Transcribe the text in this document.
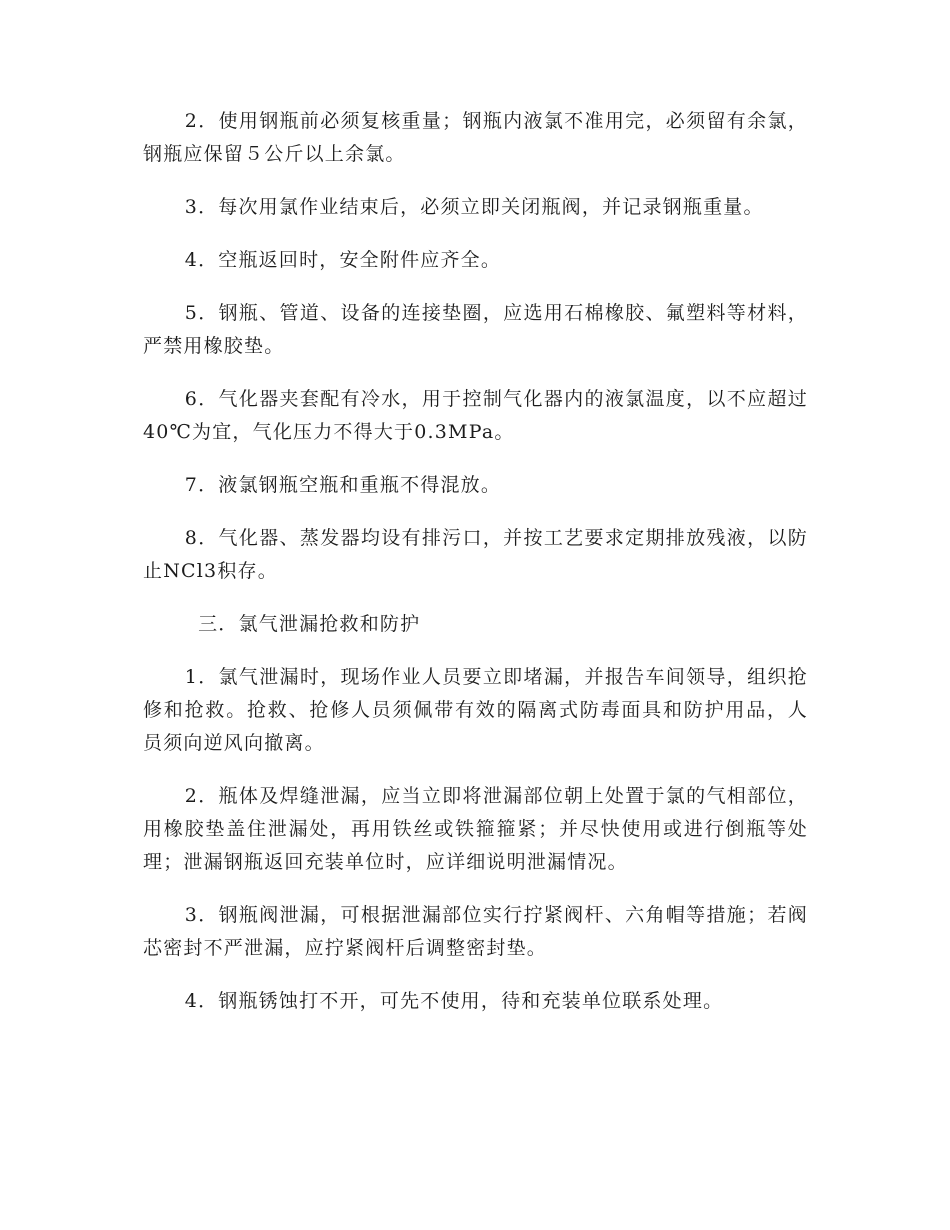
2．使用钢瓶前必须复核重量；钢瓶内液氯不准用完，必须留有余氯，钢瓶应保留５公斤以上余氯。

3．每次用氯作业结束后，必须立即关闭瓶阀，并记录钢瓶重量。

4．空瓶返回时，安全附件应齐全。

5．钢瓶、管道、设备的连接垫圈，应选用石棉橡胶、氟塑料等材料，严禁用橡胶垫。

6．气化器夹套配有冷水，用于控制气化器内的液氯温度，以不应超过40℃为宜，气化压力不得大于0.3MPa。

7．液氯钢瓶空瓶和重瓶不得混放。

8．气化器、蒸发器均设有排污口，并按工艺要求定期排放残液，以防止NCl3积存。

三．氯气泄漏抢救和防护

1．氯气泄漏时，现场作业人员要立即堵漏，并报告车间领导，组织抢修和抢救。抢救、抢修人员须佩带有效的隔离式防毒面具和防护用品，人员须向逆风向撤离。

2．瓶体及焊缝泄漏，应当立即将泄漏部位朝上处置于氯的气相部位，用橡胶垫盖住泄漏处，再用铁丝或铁箍箍紧；并尽快使用或进行倒瓶等处理；泄漏钢瓶返回充装单位时，应详细说明泄漏情况。

3．钢瓶阀泄漏，可根据泄漏部位实行拧紧阀杆、六角帽等措施；若阀芯密封不严泄漏，应拧紧阀杆后调整密封垫。

4．钢瓶锈蚀打不开，可先不使用，待和充装单位联系处理。
